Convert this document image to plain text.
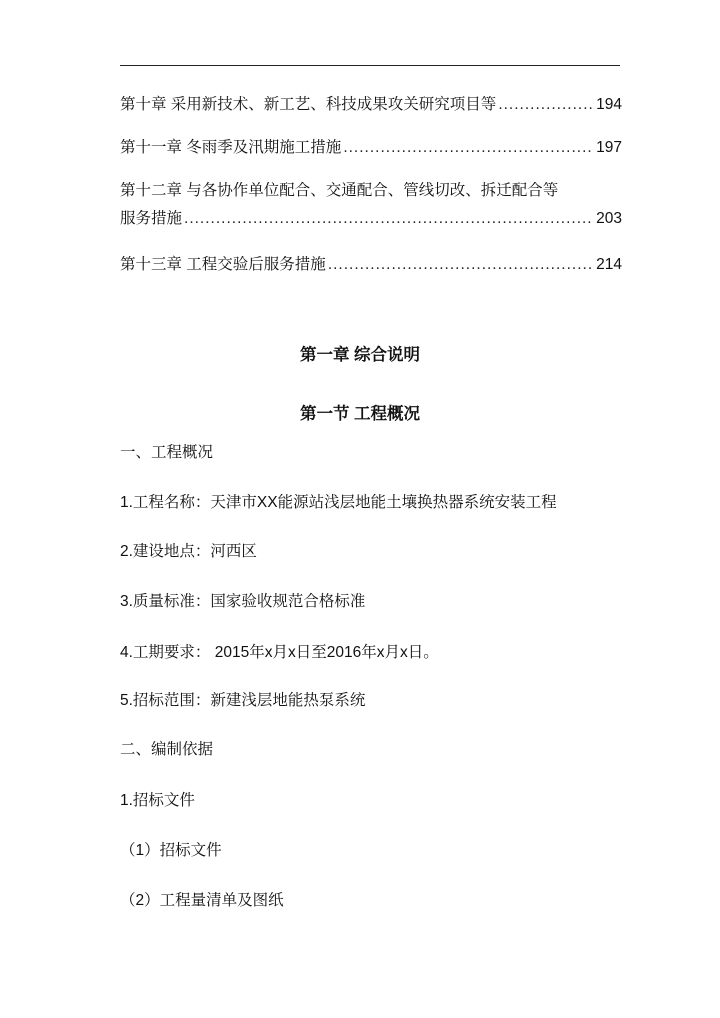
第十章 采用新技术、新工艺、科技成果攻关研究项目等 .....	194
第十一章 冬雨季及汛期施工措施 .....	197
第十二章 与各协作单位配合、交通配合、管线切改、拆迁配合等
服务措施 .....	203
第十三章 工程交验后服务措施 .....	214
第一章 综合说明
第一节 工程概况
一、工程概况
1.工程名称：天津市XX能源站浅层地能土壤换热器系统安装工程
2.建设地点：河西区
3.质量标准：国家验收规范合格标准
4.工期要求： 2015年x月x日至2016年x月x日。
5.招标范围：新建浅层地能热泵系统
二、编制依据
1.招标文件
（1）招标文件
（2）工程量清单及图纸
